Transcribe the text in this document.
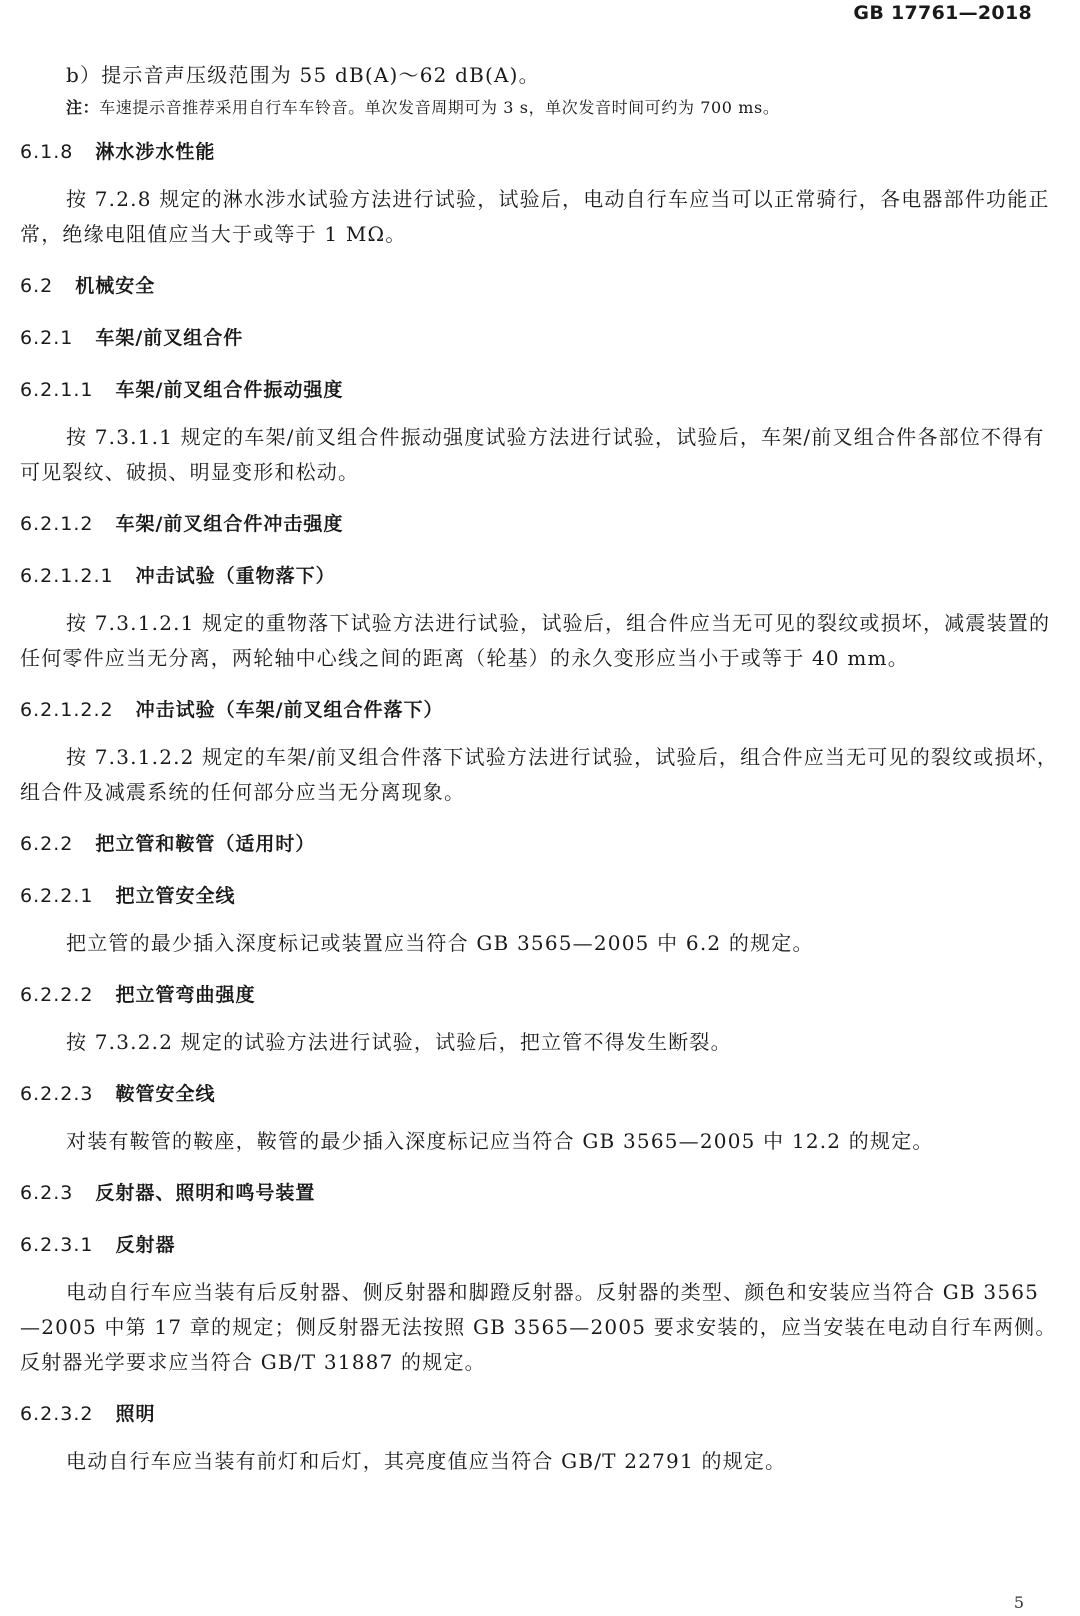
GB 17761—2018

b）提示音声压级范围为 55 dB(A)～62 dB(A)。

注：车速提示音推荐采用自行车车铃音。单次发音周期可为 3 s，单次发音时间可约为 700 ms。

6.1.8 淋水涉水性能

按 7.2.8 规定的淋水涉水试验方法进行试验，试验后，电动自行车应当可以正常骑行，各电器部件功能正常，绝缘电阻值应当大于或等于 1 MΩ。

6.2 机械安全

6.2.1 车架/前叉组合件

6.2.1.1 车架/前叉组合件振动强度

按 7.3.1.1 规定的车架/前叉组合件振动强度试验方法进行试验，试验后，车架/前叉组合件各部位不得有可见裂纹、破损、明显变形和松动。

6.2.1.2 车架/前叉组合件冲击强度

6.2.1.2.1 冲击试验（重物落下）

按 7.3.1.2.1 规定的重物落下试验方法进行试验，试验后，组合件应当无可见的裂纹或损坏，减震装置的任何零件应当无分离，两轮轴中心线之间的距离（轮基）的永久变形应当小于或等于 40 mm。

6.2.1.2.2 冲击试验（车架/前叉组合件落下）

按 7.3.1.2.2 规定的车架/前叉组合件落下试验方法进行试验，试验后，组合件应当无可见的裂纹或损坏，组合件及减震系统的任何部分应当无分离现象。

6.2.2 把立管和鞍管（适用时）

6.2.2.1 把立管安全线

把立管的最少插入深度标记或装置应当符合 GB 3565—2005 中 6.2 的规定。

6.2.2.2 把立管弯曲强度

按 7.3.2.2 规定的试验方法进行试验，试验后，把立管不得发生断裂。

6.2.2.3 鞍管安全线

对装有鞍管的鞍座，鞍管的最少插入深度标记应当符合 GB 3565—2005 中 12.2 的规定。

6.2.3 反射器、照明和鸣号装置

6.2.3.1 反射器

电动自行车应当装有后反射器、侧反射器和脚蹬反射器。反射器的类型、颜色和安装应当符合 GB 3565—2005 中第 17 章的规定；侧反射器无法按照 GB 3565—2005 要求安装的，应当安装在电动自行车两侧。反射器光学要求应当符合 GB/T 31887 的规定。

6.2.3.2 照明

电动自行车应当装有前灯和后灯，其亮度值应当符合 GB/T 22791 的规定。

5
